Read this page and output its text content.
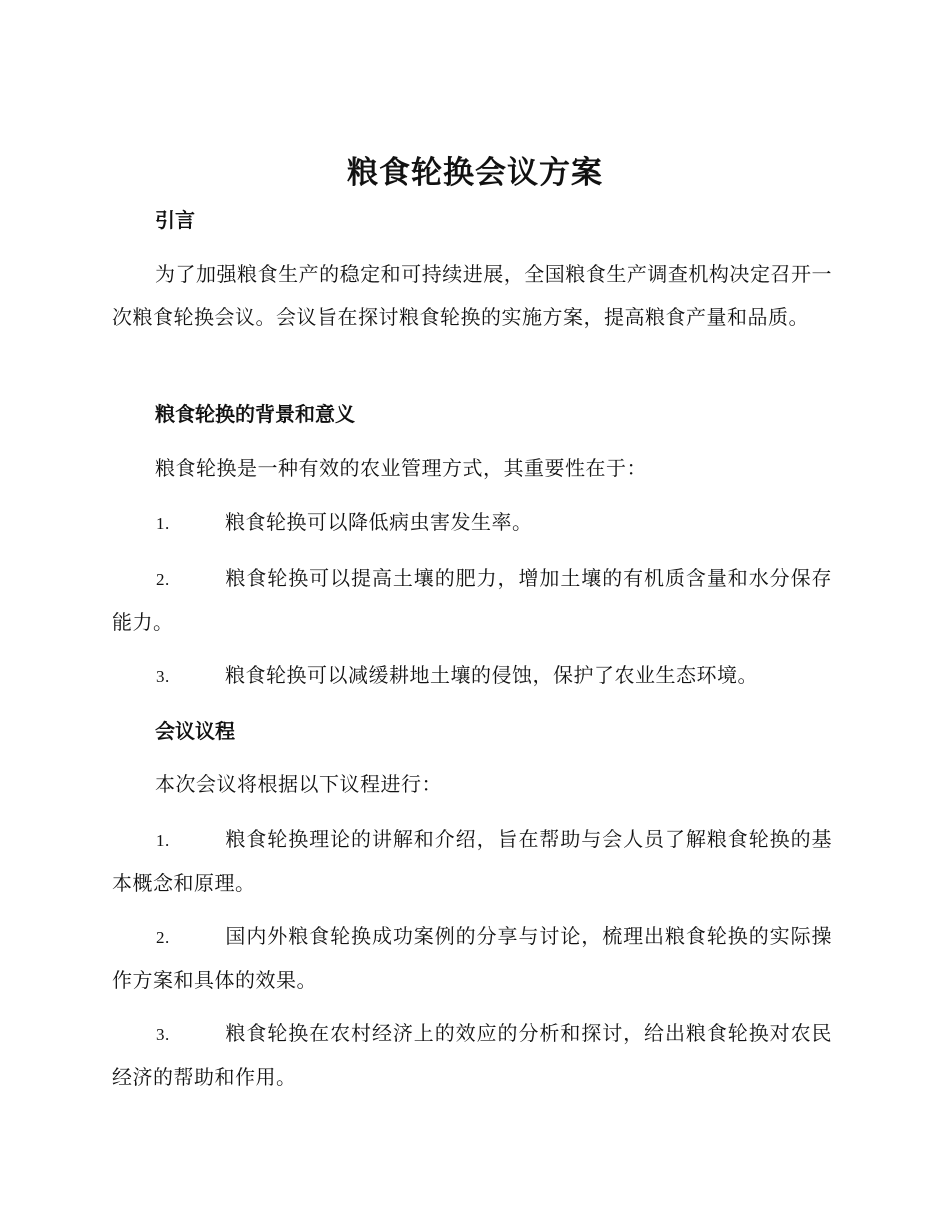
粮食轮换会议方案
引言
为了加强粮食生产的稳定和可持续进展，全国粮食生产调查机构决定召开一次粮食轮换会议。会议旨在探讨粮食轮换的实施方案，提高粮食产量和品质。
粮食轮换的背景和意义
粮食轮换是一种有效的农业管理方式，其重要性在于：
1.	粮食轮换可以降低病虫害发生率。
2.	粮食轮换可以提高土壤的肥力，增加土壤的有机质含量和水分保存能力。
3.	粮食轮换可以减缓耕地土壤的侵蚀，保护了农业生态环境。
会议议程
本次会议将根据以下议程进行：
1.	粮食轮换理论的讲解和介绍，旨在帮助与会人员了解粮食轮换的基本概念和原理。
2.	国内外粮食轮换成功案例的分享与讨论，梳理出粮食轮换的实际操作方案和具体的效果。
3.	粮食轮换在农村经济上的效应的分析和探讨，给出粮食轮换对农民经济的帮助和作用。
